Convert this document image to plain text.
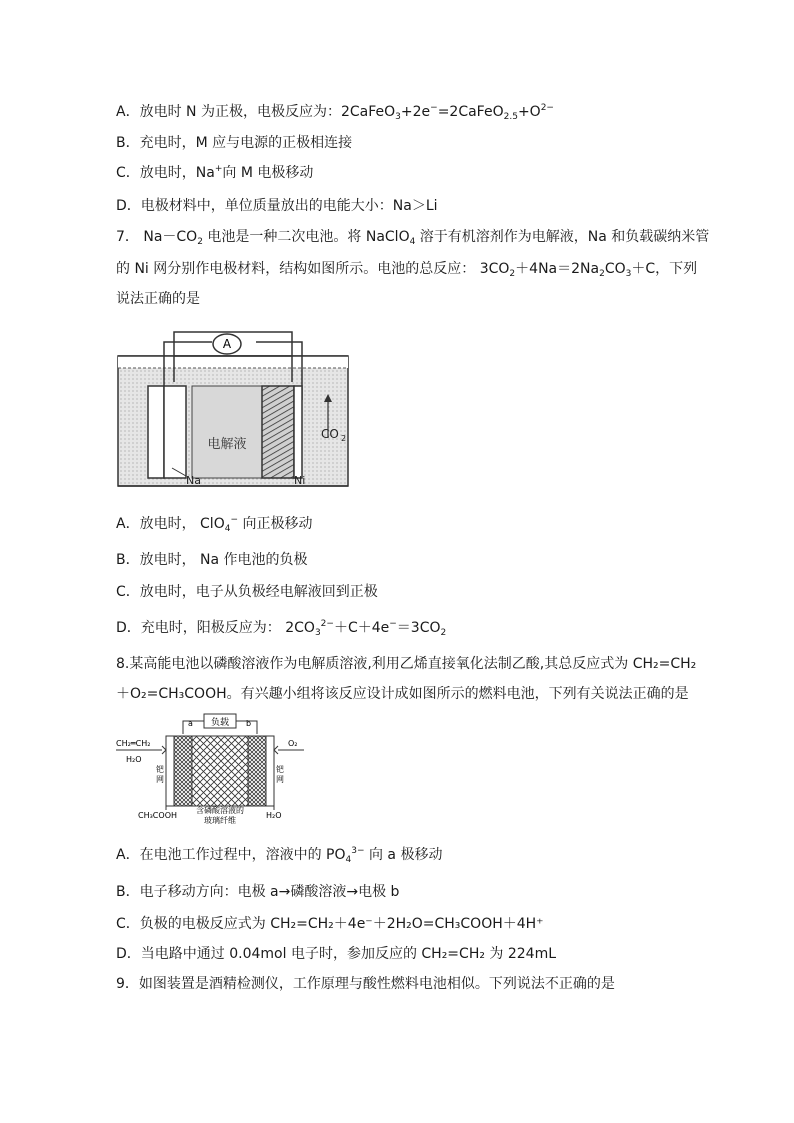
A．放电时 N 为正极，电极反应为：$2CaFeO_3+2e^-=2CaFeO_{2.5}+O^{2-}$
B．充电时，M 应与电源的正极相连接
C．放电时，Na+向 M 电极移动
D．电极材料中，单位质量放出的电能大小：Na＞Li
7． $Na-CO_2$ 电池是一种二次电池。将 NaClO$_4$ 溶于有机溶剂作为电解液，Na 和负载碳纳米管
的 Ni 网分别作电极材料，结构如图所示。电池的总反应： $3CO_2+4Na=2Na_2CO_3+C$，下列
说法正确的是
A
电解液
CO 2
Na	Ni
A．放电时， ClO$_4$− 向正极移动
B．放电时， Na 作电池的负极
C．放电时，电子从负极经电解液回到正极
D．充电时，阳极反应为： $2CO_3^{2-}+C+4e^-=3CO_2$
8.某高能电池以磷酸溶液作为电解质溶液,利用乙烯直接氧化法制乙酸,其总反应式为 CH₂=CH₂
＋O₂=CH₃COOH。有兴趣小组将该反应设计成如图所示的燃料电池，下列有关说法正确的是
负载
a	b
CH₂═CH₂
H₂O
钯
网
CH₃COOH
O₂
钯
网
H₂O
含磷酸溶液的
玻璃纤维
A．在电池工作过程中，溶液中的 $PO_4^{3-}$ 向 a 极移动
B．电子移动方向：电极 a→磷酸溶液→电极 b
C．负极的电极反应式为 CH₂=CH₂＋4e⁻＋2H₂O=CH₃COOH＋4H⁺
D．当电路中通过 0.04mol 电子时，参加反应的 CH₂=CH₂ 为 224mL
9．如图装置是酒精检测仪，工作原理与酸性燃料电池相似。下列说法不正确的是
